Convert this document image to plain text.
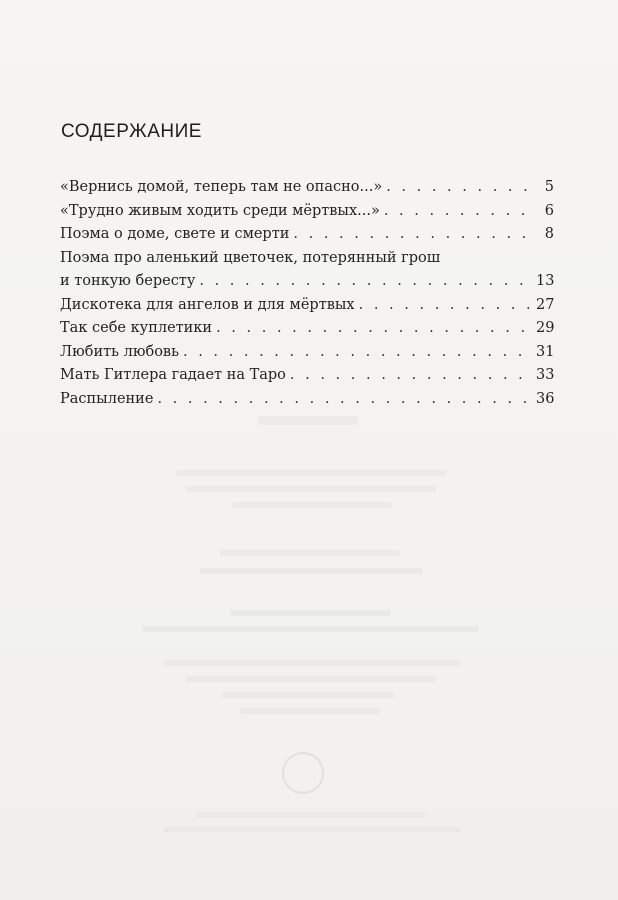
СОДЕРЖАНИЕ
«Вернись домой, теперь там не опасно...» . . .	5
«Трудно живым ходить среди мёртвых...» . . .	6
Поэма о доме, свете и смерти . . .	8
Поэма про аленький цветочек, потерянный грош
и тонкую бересту . . .	13
Дискотека для ангелов и для мёртвых . . .	27
Так себе куплетики . . .	29
Любить любовь . . .	31
Мать Гитлера гадает на Таро . . .	33
Распыление . . .	36
